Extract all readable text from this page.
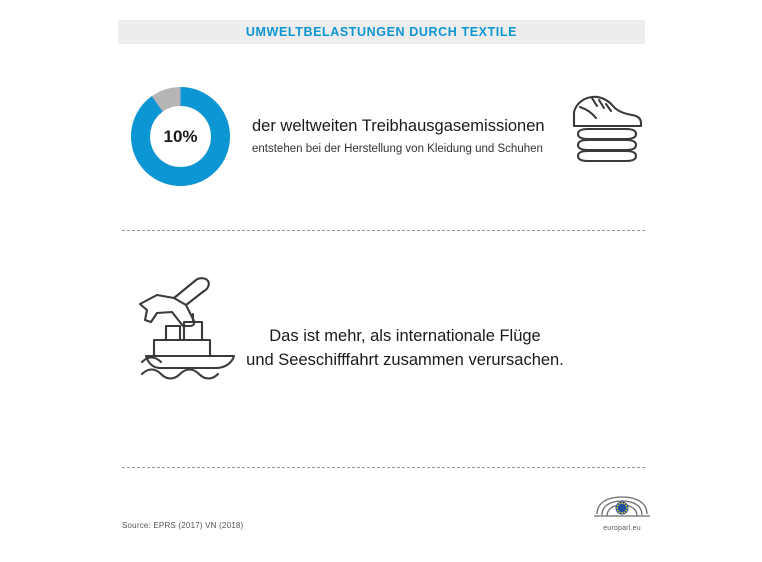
UMWELTBELASTUNGEN DURCH TEXTILE
10%
der weltweiten Treibhausgasemissionen
entstehen bei der Herstellung von Kleidung und Schuhen
Das ist mehr, als internationale Flüge
und Seeschifffahrt zusammen verursachen.
Source: EPRS (2017) VN (2018)	europarl.eu
